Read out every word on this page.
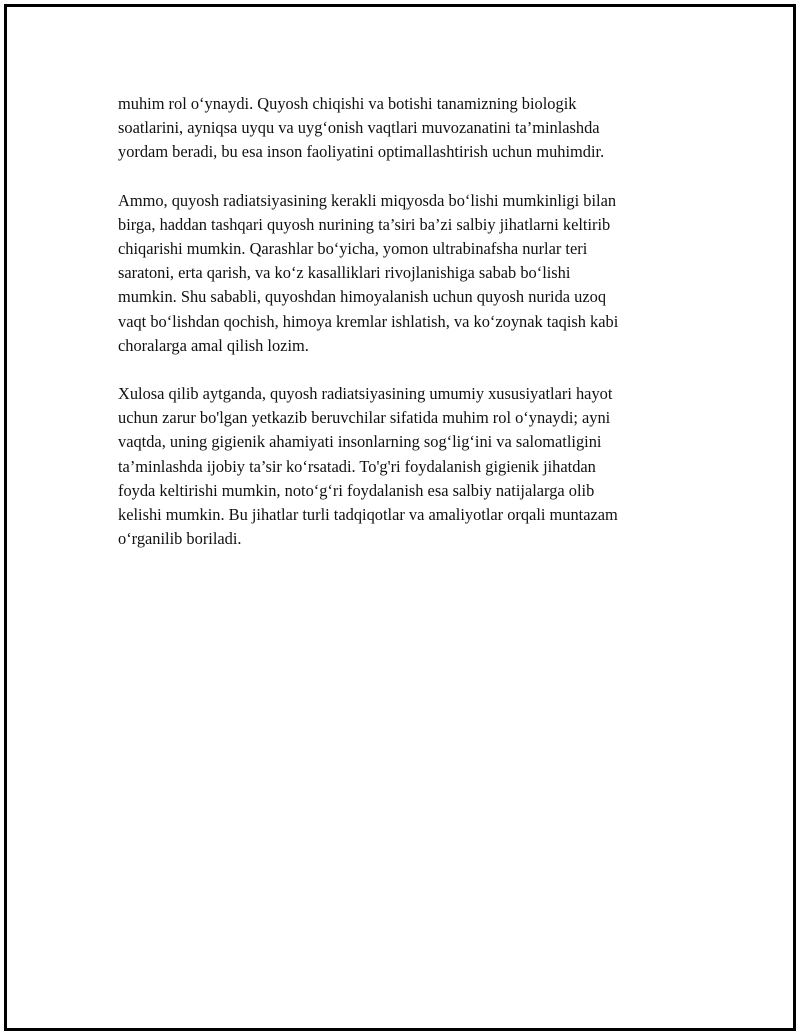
muhim rol o‘ynaydi. Quyosh chiqishi va botishi tanamizning biologik
soatlarini, ayniqsa uyqu va uyg‘onish vaqtlari muvozanatini ta’minlashda
yordam beradi, bu esa inson faoliyatini optimallashtirish uchun muhimdir.

Ammo, quyosh radiatsiyasining kerakli miqyosda bo‘lishi mumkinligi bilan
birga, haddan tashqari quyosh nurining ta’siri ba’zi salbiy jihatlarni keltirib
chiqarishi mumkin. Qarashlar bo‘yicha, yomon ultrabinafsha nurlar teri
saratoni, erta qarish, va ko‘z kasalliklari rivojlanishiga sabab bo‘lishi
mumkin. Shu sababli, quyoshdan himoyalanish uchun quyosh nurida uzoq
vaqt bo‘lishdan qochish, himoya kremlar ishlatish, va ko‘zoynak taqish kabi
choralarga amal qilish lozim.

Xulosa qilib aytganda, quyosh radiatsiyasining umumiy xususiyatlari hayot
uchun zarur bo'lgan yetkazib beruvchilar sifatida muhim rol o‘ynaydi; ayni
vaqtda, uning gigienik ahamiyati insonlarning sog‘lig‘ini va salomatligini
ta’minlashda ijobiy ta’sir ko‘rsatadi. To'g'ri foydalanish gigienik jihatdan
foyda keltirishi mumkin, noto‘g‘ri foydalanish esa salbiy natijalarga olib
kelishi mumkin. Bu jihatlar turli tadqiqotlar va amaliyotlar orqali muntazam
o‘rganilib boriladi.
